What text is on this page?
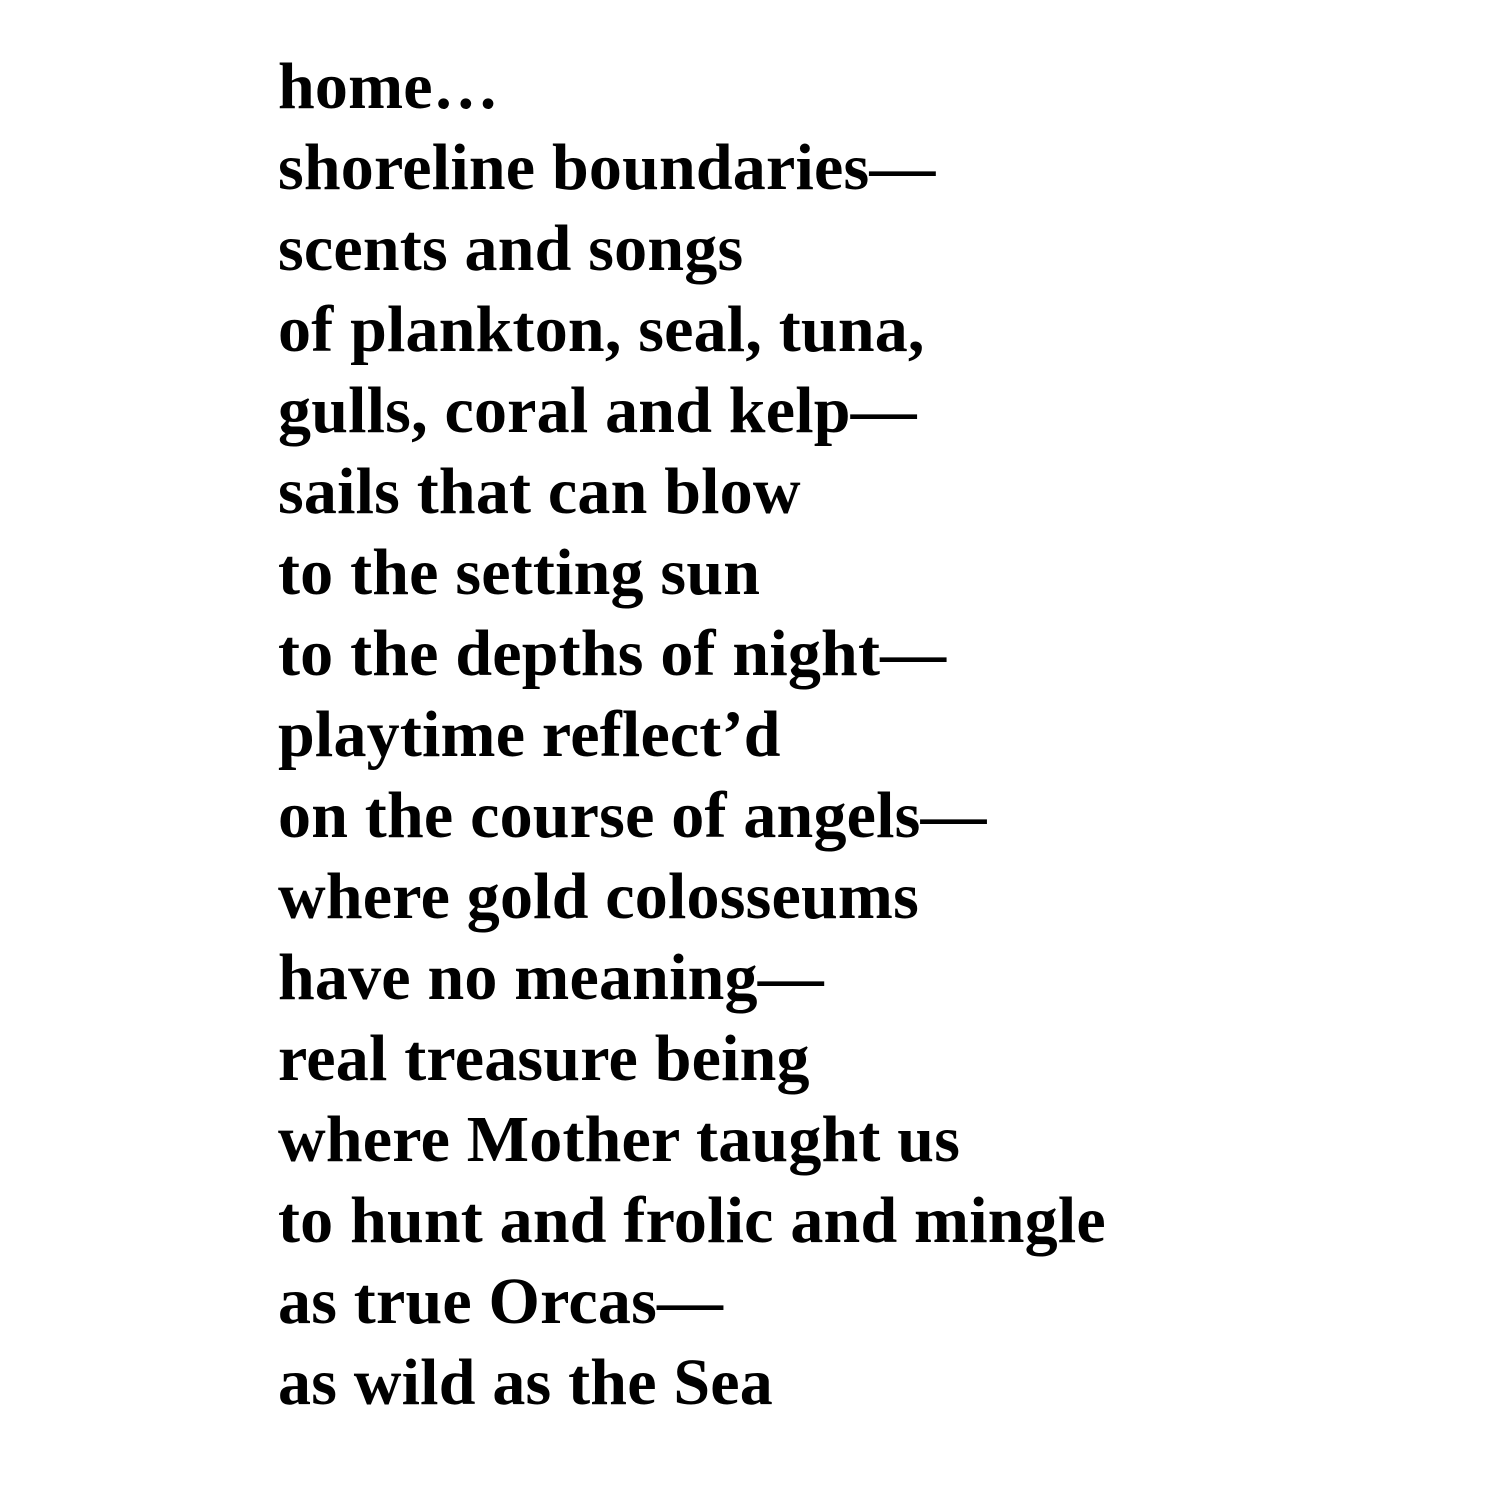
home…
shoreline boundaries—
scents and songs
of plankton, seal, tuna,
gulls, coral and kelp—
sails that can blow
to the setting sun
to the depths of night—
playtime reflect’d
on the course of angels—
where gold colosseums
have no meaning—
real treasure being
where Mother taught us
to hunt and frolic and mingle
as true Orcas—
as wild as the Sea
